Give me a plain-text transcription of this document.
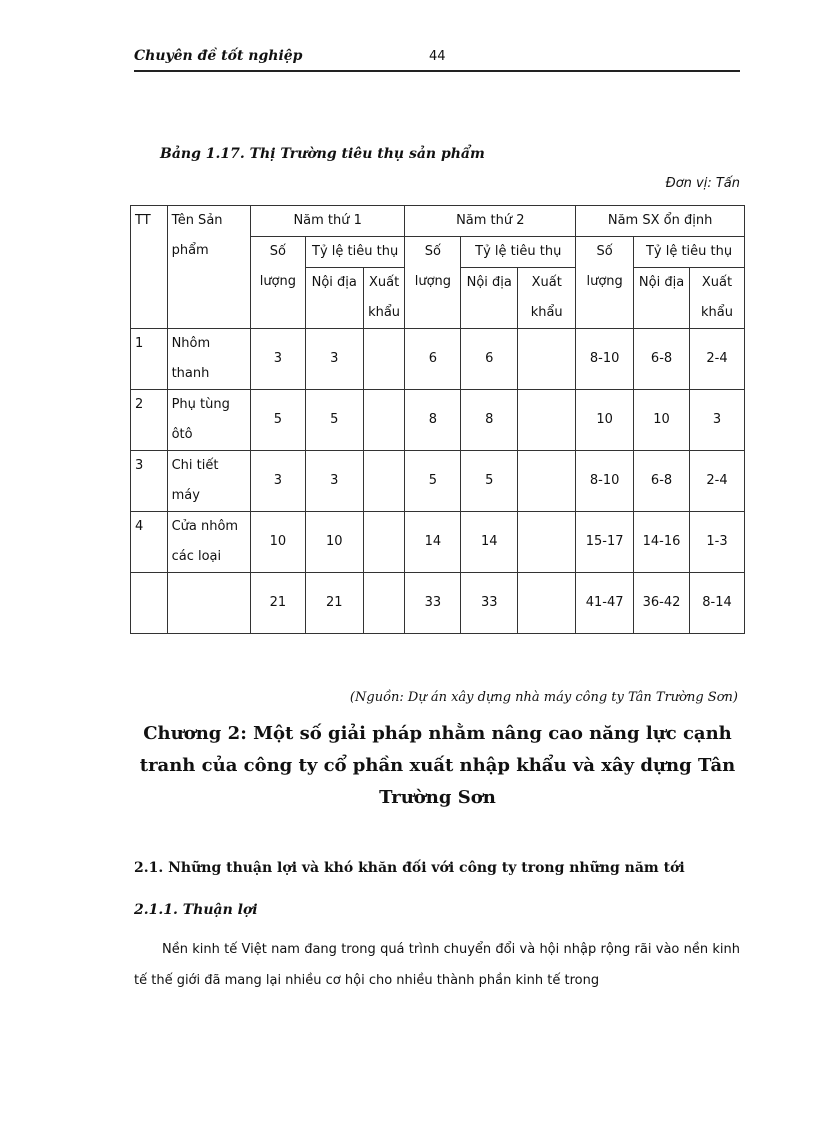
Chuyên đề tốt nghiệp	44
Bảng 1.17. Thị Trường tiêu thụ sản phẩm
Đơn vị: Tấn
TT	Tên Sản phẩm	Năm thứ 1			Năm thứ 2			Năm SX ổn định		
		Số lượng	Tỷ lệ tiêu thụ		Số lượng	Tỷ lệ tiêu thụ		Số lượng	Tỷ lệ tiêu thụ	
			Nội địa	Xuất khẩu		Nội địa	Xuất khẩu		Nội địa	Xuất khẩu
1	Nhôm thanh	3	3		6	6		8-10	6-8	2-4
2	Phụ tùng ôtô	5	5		8	8		10	10	3
3	Chi tiết máy	3	3		5	5		8-10	6-8	2-4
4	Cửa nhôm các loại	10	10		14	14		15-17	14-16	1-3
		21	21		33	33		41-47	36-42	8-14
(Nguồn: Dự án xây dựng nhà máy công ty Tân Trường Sơn)
Chương 2: Một số giải pháp nhằm nâng cao năng lực cạnh tranh của công ty cổ phần xuất nhập khẩu và xây dựng Tân Trường Sơn
2.1. Những thuận lợi và khó khăn đối với công ty trong những năm tới
2.1.1. Thuận lợi
Nền kinh tế Việt nam đang trong quá trình chuyển đổi và hội nhập rộng rãi vào nền kinh tế thế giới đã mang lại nhiều cơ hội cho nhiều thành phần kinh tế trong
